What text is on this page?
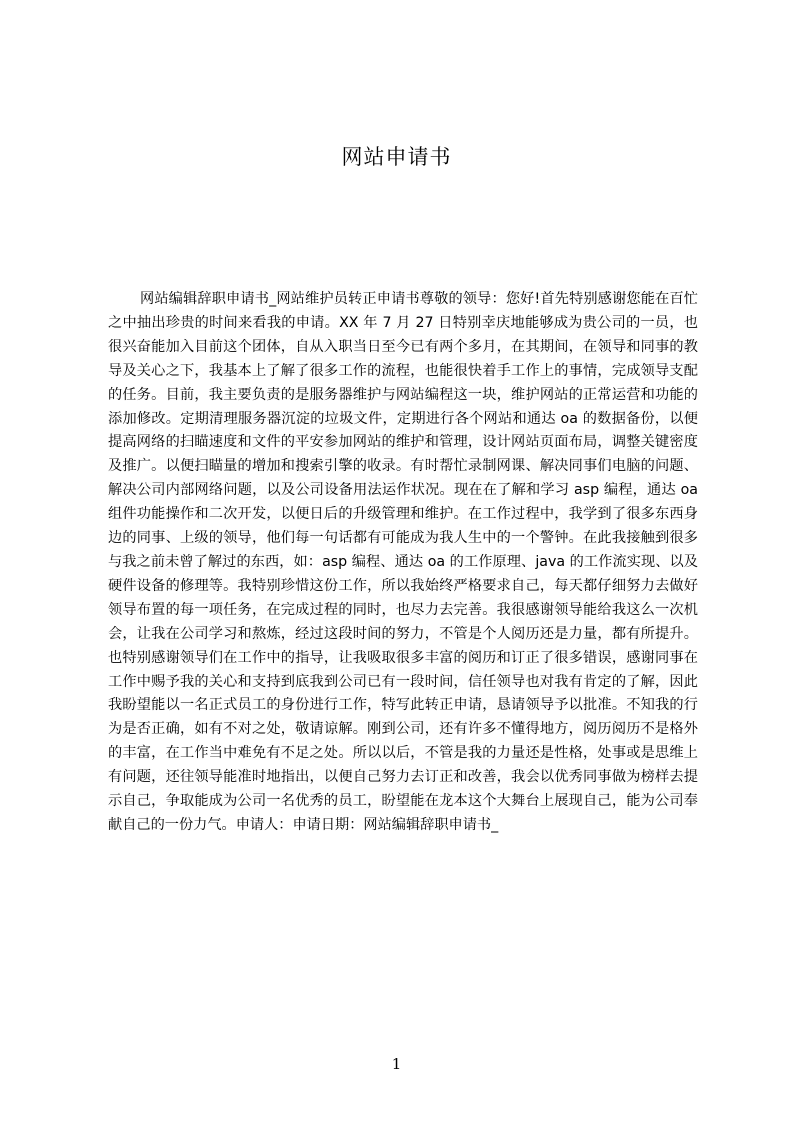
网站申请书

网站编辑辞职申请书_网站维护员转正申请书尊敬的领导：您好!首先特别感谢您能在百忙之中抽出珍贵的时间来看我的申请。XX 年 7 月 27 日特别幸庆地能够成为贵公司的一员，也很兴奋能加入目前这个团体，自从入职当日至今已有两个多月，在其期间，在领导和同事的教导及关心之下，我基本上了解了很多工作的流程，也能很快着手工作上的事情，完成领导支配的任务。目前，我主要负责的是服务器维护与网站编程这一块，维护网站的正常运营和功能的添加修改。定期清理服务器沉淀的垃圾文件，定期进行各个网站和通达 oa 的数据备份，以便提高网络的扫瞄速度和文件的平安参加网站的维护和管理，设计网站页面布局，调整关键密度及推广。以便扫瞄量的增加和搜索引擎的收录。有时帮忙录制网课、解决同事们电脑的问题、解决公司内部网络问题，以及公司设备用法运作状况。现在在了解和学习 asp 编程，通达 oa 组件功能操作和二次开发，以便日后的升级管理和维护。在工作过程中，我学到了很多东西身边的同事、上级的领导，他们每一句话都有可能成为我人生中的一个警钟。在此我接触到很多与我之前未曾了解过的东西，如：asp 编程、通达 oa 的工作原理、java 的工作流实现、以及硬件设备的修理等。我特别珍惜这份工作，所以我始终严格要求自己，每天都仔细努力去做好领导布置的每一项任务，在完成过程的同时，也尽力去完善。我很感谢领导能给我这么一次机会，让我在公司学习和熬炼，经过这段时间的努力，不管是个人阅历还是力量，都有所提升。也特别感谢领导们在工作中的指导，让我吸取很多丰富的阅历和订正了很多错误，感谢同事在工作中赐予我的关心和支持到底我到公司已有一段时间，信任领导也对我有肯定的了解，因此我盼望能以一名正式员工的身份进行工作，特写此转正申请，恳请领导予以批准。不知我的行为是否正确，如有不对之处，敬请谅解。刚到公司，还有许多不懂得地方，阅历阅历不是格外的丰富，在工作当中难免有不足之处。所以以后，不管是我的力量还是性格，处事或是思维上有问题，还往领导能准时地指出，以便自己努力去订正和改善，我会以优秀同事做为榜样去提示自己，争取能成为公司一名优秀的员工，盼望能在龙本这个大舞台上展现自己，能为公司奉献自己的一份力气。申请人：申请日期：网站编辑辞职申请书_

1
